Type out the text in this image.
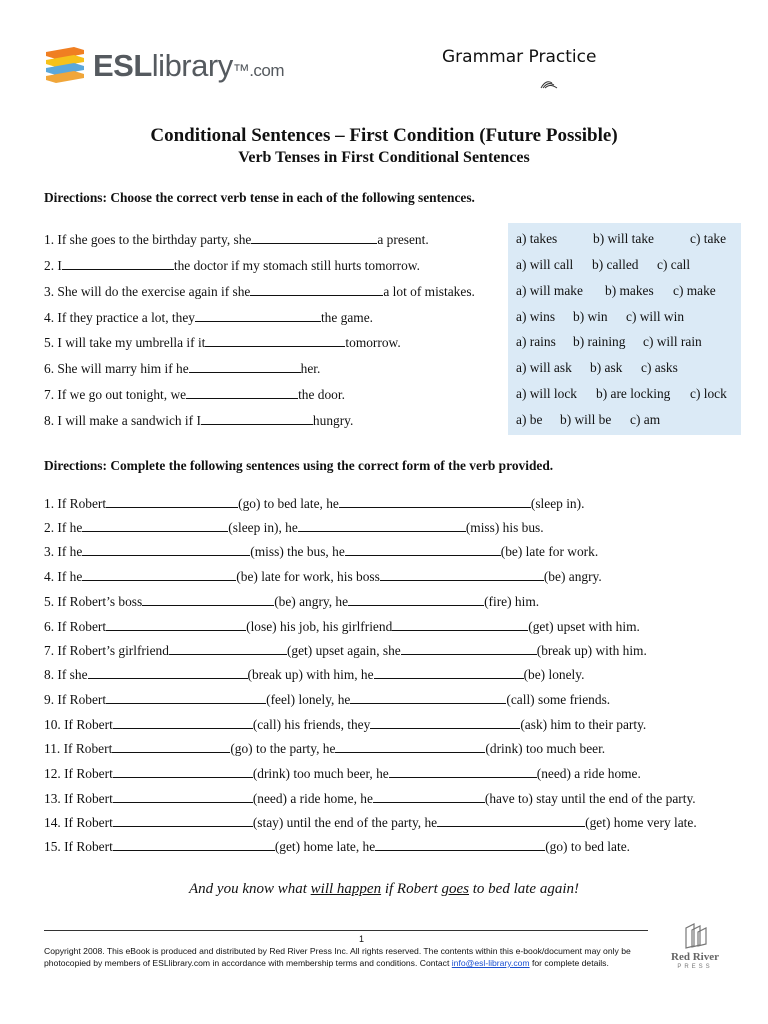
ESLlibrary™.com
Grammar Practice
Conditional Sentences – First Condition (Future Possible)
Verb Tenses in First Conditional Sentences
Directions: Choose the correct verb tense in each of the following sentences.
1. If she goes to the birthday party, she	a present.
2. I	the doctor if my stomach still hurts tomorrow.
3. She will do the exercise again if she	a lot of mistakes.
4. If they practice a lot, they	the game.
5. I will take my umbrella if it	tomorrow.
6. She will marry him if he	her.
7. If we go out tonight, we	the door.
8. I will make a sandwich if I	hungry.
a) takes	b) will take	c) take
a) will call b) called c) call
a) will make b) makes c) make
a) wins b) win c) will win
a) rains b) raining c) will rain
a) will ask b) ask c) asks
a) will lock b) are locking c) lock
a) be b) will be c) am
Directions: Complete the following sentences using the correct form of the verb provided.
1. If Robert	(go) to bed late, he	(sleep in).
2. If he	(sleep in), he	(miss) his bus.
3. If he	(miss) the bus, he	(be) late for work.
4. If he	(be) late for work, his boss	(be) angry.
5. If Robert’s boss	(be) angry, he	(fire) him.
6. If Robert	(lose) his job, his girlfriend	(get) upset with him.
7. If Robert’s girlfriend	(get) upset again, she	(break up) with him.
8. If she	(break up) with him, he	(be) lonely.
9. If Robert	(feel) lonely, he	(call) some friends.
10. If Robert	(call) his friends, they	(ask) him to their party.
11. If Robert	(go) to the party, he	(drink) too much beer.
12. If Robert	(drink) too much beer, he	(need) a ride home.
13. If Robert	(need) a ride home, he	(have to) stay until the end of the party.
14. If Robert	(stay) until the end of the party, he	(get) home very late.
15. If Robert	(get) home late, he	(go) to bed late.
And you know what will happen if Robert goes to bed late again!
1
Copyright 2008. This eBook is produced and distributed by Red River Press Inc. All rights reserved. The contents within this e-book/document may only be photocopied by members of ESLlibrary.com in accordance with membership terms and conditions. Contact info@esl-library.com for complete details.	Red River
PRESS
